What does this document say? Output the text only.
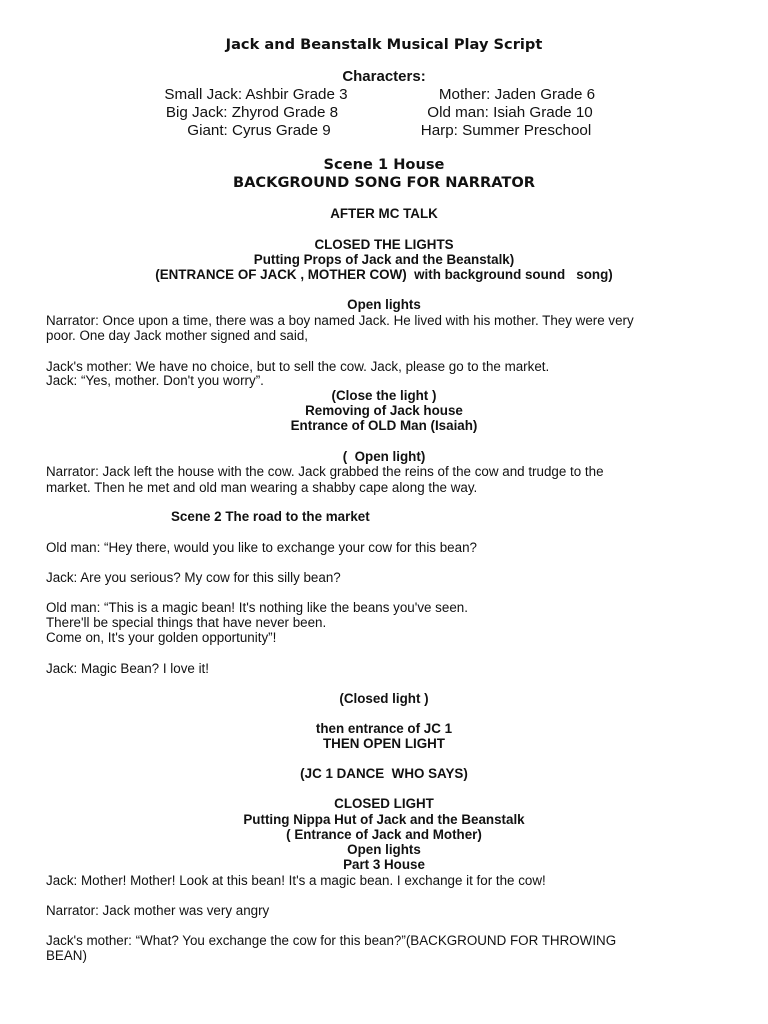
Jack and Beanstalk Musical Play Script
Characters:
Small Jack: Ashbir Grade 3
Big Jack: Zhyrod Grade 8
Giant: Cyrus Grade 9
Mother: Jaden Grade 6
Old man: Isiah Grade 10
Harp: Summer Preschool
Scene 1 House
BACKGROUND SONG FOR NARRATOR
AFTER MC TALK
CLOSED THE LIGHTS
Putting Props of Jack and the Beanstalk)
(ENTRANCE OF JACK , MOTHER COW)  with background sound   song)
Open lights
Narrator: Once upon a time, there was a boy named Jack. He lived with his mother. They were very
poor. One day Jack mother signed and said,
Jack's mother: We have no choice, but to sell the cow. Jack, please go to the market.
Jack: “Yes, mother. Don't you worry”.
(Close the light )
Removing of Jack house
Entrance of OLD Man (Isaiah)
(  Open light)
Narrator: Jack left the house with the cow. Jack grabbed the reins of the cow and trudge to the
market. Then he met and old man wearing a shabby cape along the way.
Scene 2 The road to the market
Old man: “Hey there, would you like to exchange your cow for this bean?
Jack: Are you serious? My cow for this silly bean?
Old man: “This is a magic bean! It's nothing like the beans you've seen.
There'll be special things that have never been.
Come on, It's your golden opportunity”!
Jack: Magic Bean? I love it!
(Closed light )
then entrance of JC 1
THEN OPEN LIGHT
(JC 1 DANCE  WHO SAYS)
CLOSED LIGHT
Putting Nippa Hut of Jack and the Beanstalk
( Entrance of Jack and Mother)
Open lights
Part 3 House
Jack: Mother! Mother! Look at this bean! It's a magic bean. I exchange it for the cow!
Narrator: Jack mother was very angry
Jack's mother: “What? You exchange the cow for this bean?”(BACKGROUND FOR THROWING
BEAN)
